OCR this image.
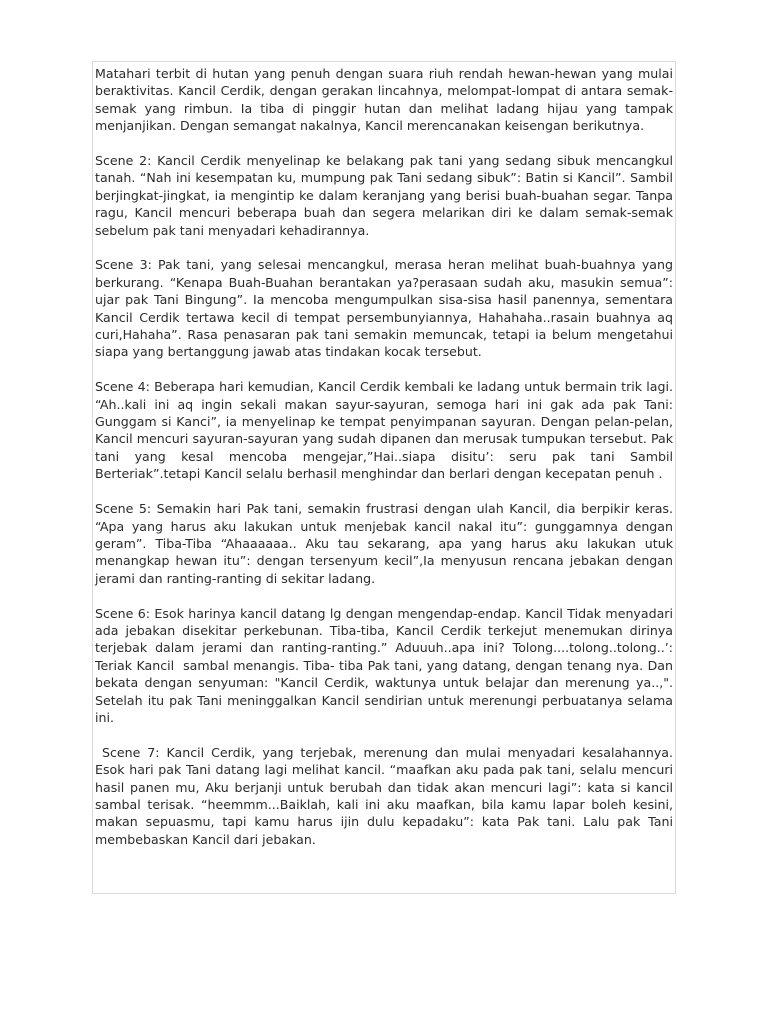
Matahari terbit di hutan yang penuh dengan suara riuh rendah hewan-hewan yang mulai beraktivitas. Kancil Cerdik, dengan gerakan lincahnya, melompat-lompat di antara semak-semak yang rimbun. Ia tiba di pinggir hutan dan melihat ladang hijau yang tampak menjanjikan. Dengan semangat nakalnya, Kancil merencanakan keisengan berikutnya.

Scene 2: Kancil Cerdik menyelinap ke belakang pak tani yang sedang sibuk mencangkul tanah. “Nah ini kesempatan ku, mumpung pak Tani sedang sibuk”: Batin si Kancil”. Sambil berjingkat-jingkat, ia mengintip ke dalam keranjang yang berisi buah-buahan segar. Tanpa ragu, Kancil mencuri beberapa buah dan segera melarikan diri ke dalam semak-semak sebelum pak tani menyadari kehadirannya.

Scene 3: Pak tani, yang selesai mencangkul, merasa heran melihat buah-buahnya yang berkurang. “Kenapa Buah-Buahan berantakan ya?perasaan sudah aku, masukin semua”: ujar pak Tani Bingung”. Ia mencoba mengumpulkan sisa-sisa hasil panennya, sementara Kancil Cerdik tertawa kecil di tempat persembunyiannya, Hahahaha..rasain buahnya aq curi,Hahaha”. Rasa penasaran pak tani semakin memuncak, tetapi ia belum mengetahui siapa yang bertanggung jawab atas tindakan kocak tersebut.

Scene 4: Beberapa hari kemudian, Kancil Cerdik kembali ke ladang untuk bermain trik lagi. “Ah..kali ini aq ingin sekali makan sayur-sayuran, semoga hari ini gak ada pak Tani: Gunggam si Kanci”, ia menyelinap ke tempat penyimpanan sayuran. Dengan pelan-pelan, Kancil mencuri sayuran-sayuran yang sudah dipanen dan merusak tumpukan tersebut. Pak tani yang kesal mencoba mengejar,”Hai..siapa disitu’: seru pak tani Sambil Berteriak”.tetapi Kancil selalu berhasil menghindar dan berlari dengan kecepatan penuh .

Scene 5: Semakin hari Pak tani, semakin frustrasi dengan ulah Kancil, dia berpikir keras. “Apa yang harus aku lakukan untuk menjebak kancil nakal itu”: gunggamnya dengan geram”. Tiba-Tiba “Ahaaaaaa.. Aku tau sekarang, apa yang harus aku lakukan utuk menangkap hewan itu”: dengan tersenyum kecil”,Ia menyusun rencana jebakan dengan jerami dan ranting-ranting di sekitar ladang.

Scene 6: Esok harinya kancil datang lg dengan mengendap-endap. Kancil Tidak menyadari ada jebakan disekitar perkebunan. Tiba-tiba, Kancil Cerdik terkejut menemukan dirinya terjebak dalam jerami dan ranting-ranting.” Aduuuh..apa ini? Tolong....tolong..tolong..’: Teriak Kancil  sambal menangis. Tiba- tiba Pak tani, yang datang, dengan tenang nya. Dan bekata dengan senyuman: "Kancil Cerdik, waktunya untuk belajar dan merenung ya..,". Setelah itu pak Tani meninggalkan Kancil sendirian untuk merenungi perbuatanya selama ini.

Scene 7: Kancil Cerdik, yang terjebak, merenung dan mulai menyadari kesalahannya. Esok hari pak Tani datang lagi melihat kancil. “maafkan aku pada pak tani, selalu mencuri hasil panen mu, Aku berjanji untuk berubah dan tidak akan mencuri lagi”: kata si kancil sambal terisak. “heemmm...Baiklah, kali ini aku maafkan, bila kamu lapar boleh kesini, makan sepuasmu, tapi kamu harus ijin dulu kepadaku”: kata Pak tani. Lalu pak Tani membebaskan Kancil dari jebakan.
